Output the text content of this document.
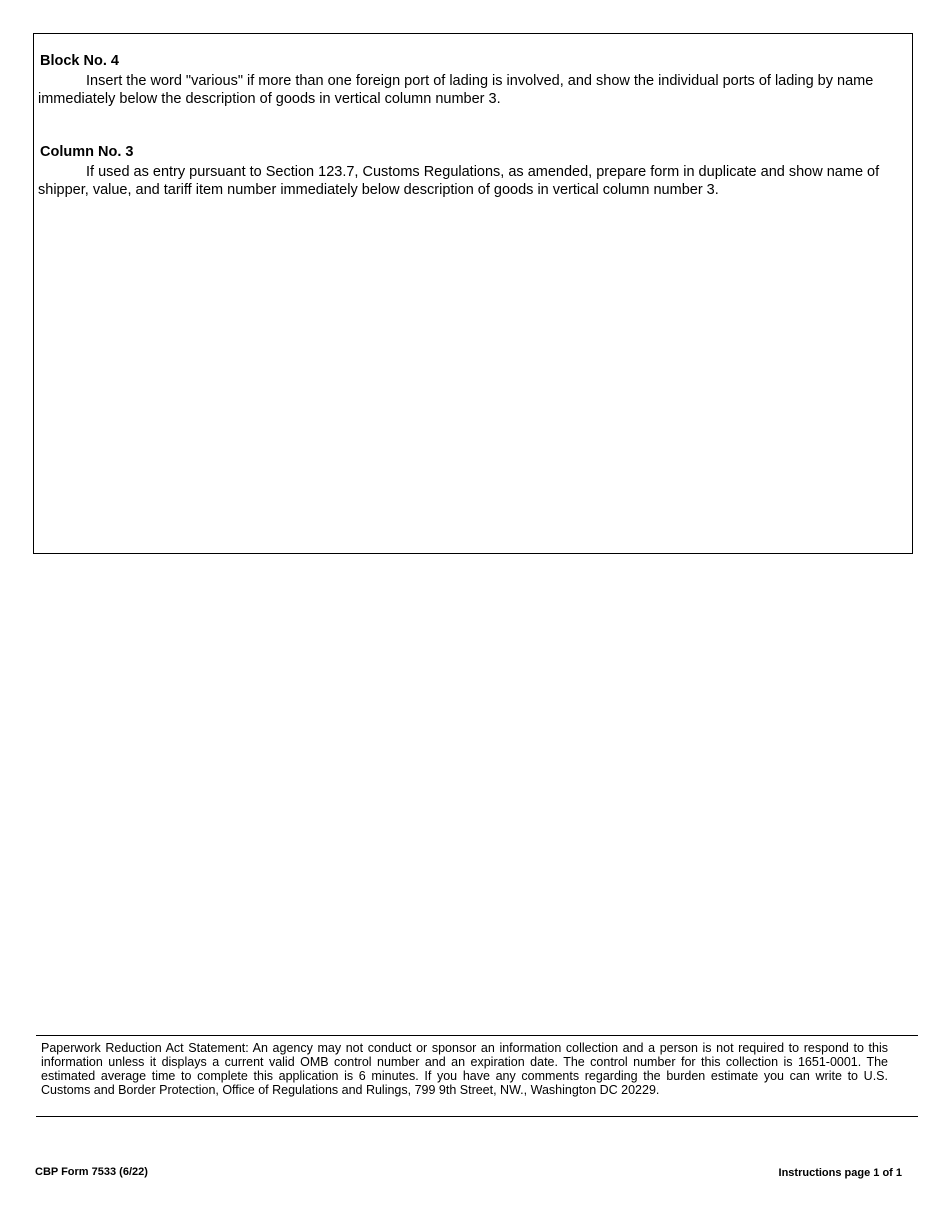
Block No. 4

Insert the word "various" if more than one foreign port of lading is involved, and show the individual ports of lading by name immediately below the description of goods in vertical column number 3.

Column No. 3

If used as entry pursuant to Section 123.7, Customs Regulations, as amended, prepare form in duplicate and show name of shipper, value, and tariff item number immediately below description of goods in vertical column number 3.

Paperwork Reduction Act Statement: An agency may not conduct or sponsor an information collection and a person is not required to respond to this information unless it displays a current valid OMB control number and an expiration date. The control number for this collection is 1651-0001. The estimated average time to complete this application is 6 minutes. If you have any comments regarding the burden estimate you can write to U.S. Customs and Border Protection, Office of Regulations and Rulings, 799 9th Street, NW., Washington DC 20229.

CBP Form 7533 (6/22)	Instructions page 1 of 1
